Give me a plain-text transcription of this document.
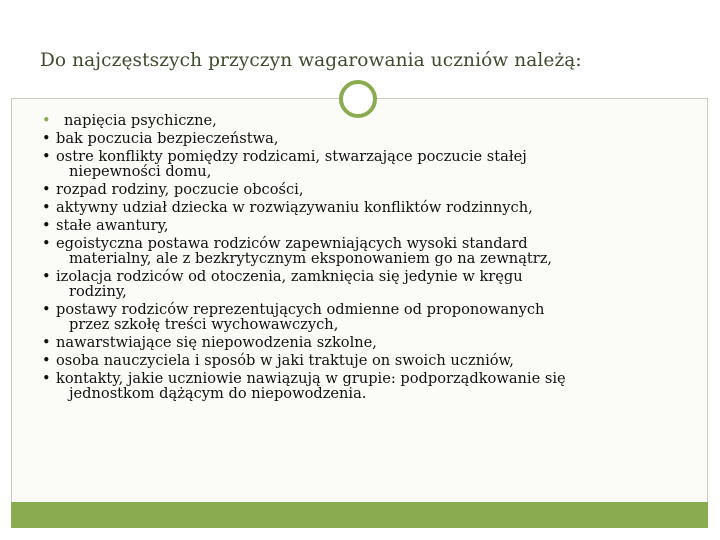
Do najczęstszych przyczyn wagarowania uczniów należą:
• napięcia psychiczne,
• bak poczucia bezpieczeństwa,
• ostre konflikty pomiędzy rodzicami, stwarzające poczucie stałej
niepewności domu,
• rozpad rodziny, poczucie obcości,
• aktywny udział dziecka w rozwiązywaniu konfliktów rodzinnych,
• stałe awantury,
• egoistyczna postawa rodziców zapewniających wysoki standard
materialny, ale z bezkrytycznym eksponowaniem go na zewnątrz,
• izolacja rodziców od otoczenia, zamknięcia się jedynie w kręgu
rodziny,
• postawy rodziców reprezentujących odmienne od proponowanych
przez szkołę treści wychowawczych,
• nawarstwiające się niepowodzenia szkolne,
• osoba nauczyciela i sposób w jaki traktuje on swoich uczniów,
• kontakty, jakie uczniowie nawiązują w grupie: podporządkowanie się
jednostkom dążącym do niepowodzenia.
